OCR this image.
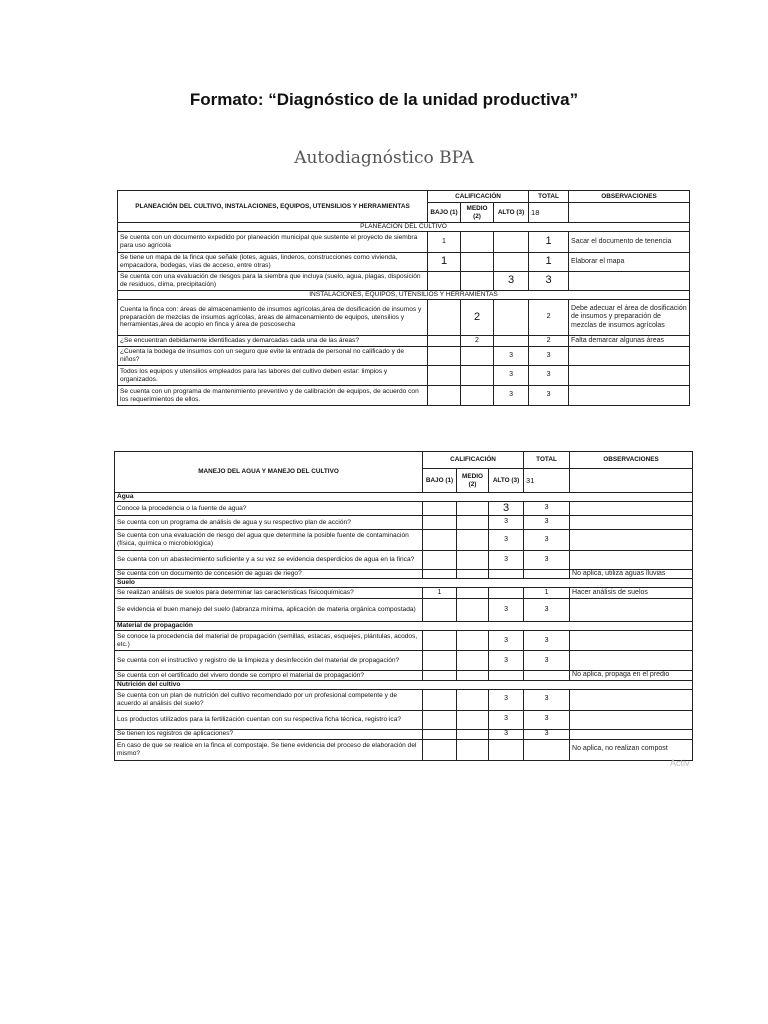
Formato: “Diagnóstico de la unidad productiva”
Autodiagnóstico BPA
PLANEACIÓN DEL CULTIVO, INSTALACIONES, EQUIPOS, UTENSILIOS Y HERRAMIENTAS	CALIFICACIÓN			TOTAL	OBSERVACIONES
	BAJO (1)	MEDIO (2)	ALTO (3)	18	
PLANEACIÓN DEL CULTIVO					
Se cuenta con un documento expedido por planeación municipal que sustente el proyecto de siembra para uso agrícola	1			1	Sacar el documento de tenencia
Se tiene un mapa de la finca que señale (lotes, aguas, linderos, construcciones como vivienda, empacadora, bodegas, vías de acceso, entre otras)	1			1	Elaborar el mapa
Se cuenta con una evaluación de riesgos para la siembra que incluya (suelo, agua, plagas, disposición de residuos, clima, precipitación)			3	3	
INSTALACIONES, EQUIPOS, UTENSILIOS Y HERRAMIENTAS					
Cuenta la finca con: áreas de almacenamiento de insumos agrícolas,área de dosificación de insumos y preparación de mezclas de insumos agrícolas, áreas de almacenamiento de equipos, utensilios y herramientas,área de acopio en finca y área de poscosecha		2		2	Debe adecuar el área de dosificación de insumos y preparación de mezclas de insumos agrícolas
¿Se encuentran debidamente identificadas y demarcadas cada una de las áreas?		2		2	Falta demarcar algunas áreas
¿Cuenta la bodega de insumos con un seguro que evite la entrada de personal no calificado y de niños?			3	3	
Todos los equipos y utensilios empleados para las labores del cultivo deben estar: limpios y organizados.			3	3	
Se cuenta con un programa de mantenimiento preventivo y de calibración de equipos, de acuerdo con los requerimientos de ellos.			3	3	
MANEJO DEL AGUA Y MANEJO DEL CULTIVO	CALIFICACIÓN			TOTAL	OBSERVACIONES
	BAJO (1)	MEDIO (2)	ALTO (3)	31	
Agua					
Conoce la procedencia o la fuente de agua?			3	3	
Se cuenta con un programa de análisis de agua y su respectivo plan de acción?			3	3	
Se cuenta con una evaluación de riesgo del agua que determine la posible fuente de contaminación (física, química o microbiológica)			3	3	
Se cuenta con un abastecimiento suficiente y a su vez se evidencia desperdicios de agua en la finca?			3	3	
Se cuenta con un documento de concesión de aguas de riego?					No aplica, utiliza aguas lluvias
Suelo					
Se realizan análisis de suelos para determinar las características fisicoquímicas?	1			1	Hacer análisis de suelos
Se evidencia el buen manejo del suelo (labranza mínima, aplicación de materia orgánica compostada)			3	3	
Material de propagación					
Se conoce la procedencia del material de propagación (semillas, estacas, esquejes, plántulas, acodos, etc.)			3	3	
Se cuenta con el instructivo y registro de la limpieza y desinfección del material de propagación?			3	3	
Se cuenta con el certificado del vivero donde se compro el material de propagación?					No aplica, propaga en el predio
Nutrición del cultivo					
Se cuenta con un plan de nutrición del cultivo recomendado por un profesional competente y de acuerdo al análisis del suelo?			3	3	
Los productos utilizados para la fertilización cuentan con su respectiva ficha técnica, registro ica?			3	3	
Se tienen los registros de aplicaciones?			3	3	
En caso de que se realice en la finca el compostaje. Se tiene evidencia del proceso de elaboración del mismo?					No aplica, no realizan compost
Activ
